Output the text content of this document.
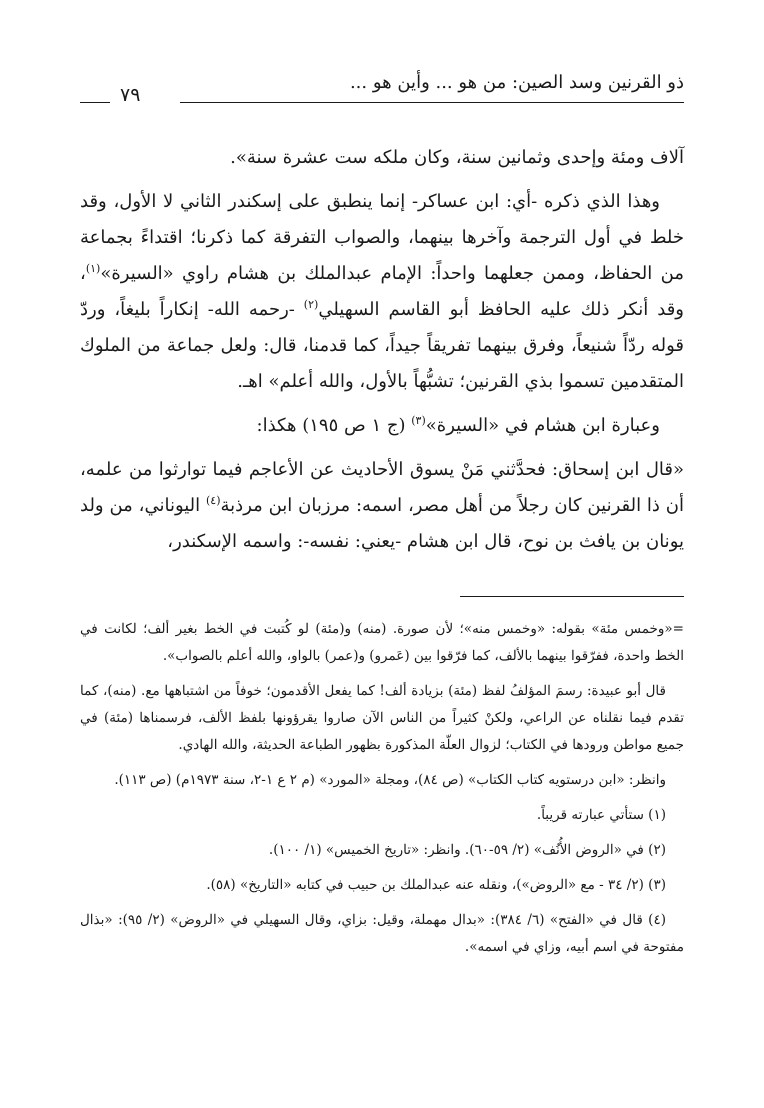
ذو القرنين وسد الصين: من هو ... وأين هو ...
٧٩

آلاف ومئة وإحدى وثمانين سنة، وكان ملكه ست عشرة سنة».

وهذا الذي ذكره -أي: ابن عساكر- إنما ينطبق على إسكندر الثاني لا الأول، وقد خلط في أول الترجمة وآخرها بينهما، والصواب التفرقة كما ذكرنا؛ اقتداءً بجماعة من الحفاظ، وممن جعلهما واحداً: الإمام عبدالملك بن هشام راوي «السيرة»$^{(١)}$، وقد أنكر ذلك عليه الحافظ أبو القاسم السهيلي$^{(٢)}$ -رحمه الله- إنكاراً بليغاً، وردّ قوله ردّاً شنيعاً، وفرق بينهما تفريقاً جيداً، كما قدمنا، قال: ولعل جماعة من الملوك المتقدمين تسموا بذي القرنين؛ تشبُّهاً بالأول، والله أعلم» اهـ.

وعبارة ابن هشام في «السيرة»$^{(٣)}$ (ج ١ ص ١٩٥) هكذا:

«قال ابن إسحاق: فحدَّثني مَنْ يسوق الأحاديث عن الأعاجم فيما توارثوا من علمه، أن ذا القرنين كان رجلاً من أهل مصر، اسمه: مرزبان ابن مرذبة$^{(٤)}$ اليوناني، من ولد يونان بن يافث بن نوح، قال ابن هشام -يعني: نفسه-: واسمه الإسكندر،

=«وخمس مئة» بقوله: «وخمس منه»؛ لأن صورة. (منه) و(مئة) لو كُتبت في الخط بغير ألف؛ لكانت في الخط واحدة، ففرّقوا بينهما بالألف، كما فرّقوا بين (عَمرو) و(عمر) بالواو، والله أعلم بالصواب».

قال أبو عبيدة: رسمَ المؤلفُ لفظ (مئة) بزيادة ألف! كما يفعل الأقدمون؛ خوفاً من اشتباهها مع. (منه)، كما تقدم فيما نقلناه عن الراعي، ولكنْ كثيراً من الناس الآن صاروا يقرؤونها بلفظ الألف، فرسمناها (مئة) في جميع مواطن ورودها في الكتاب؛ لزوال العلّة المذكورة بظهور الطباعة الحديثة، والله الهادي.

وانظر: «ابن درستويه كتاب الكتاب» (ص ٨٤)، ومجلة «المورد» (م ٢ ع ١-٢، سنة ١٩٧٣م) (ص ١١٣).

(١) ستأتي عبارته قريباً.

(٢) في «الروض الأُنُف» (٢/ ٥٩-٦٠). وانظر: «تاريخ الخميس» (١/ ١٠٠).

(٣) (٢/ ٣٤ - مع «الروض»)، ونقله عنه عبدالملك بن حبيب في كتابه «التاريخ» (٥٨).

(٤) قال في «الفتح» (٦/ ٣٨٤): «بدال مهملة، وقيل: بزاي، وقال السهيلي في «الروض» (٢/ ٩٥): «بذال مفتوحة في اسم أبيه، وزاي في اسمه».
